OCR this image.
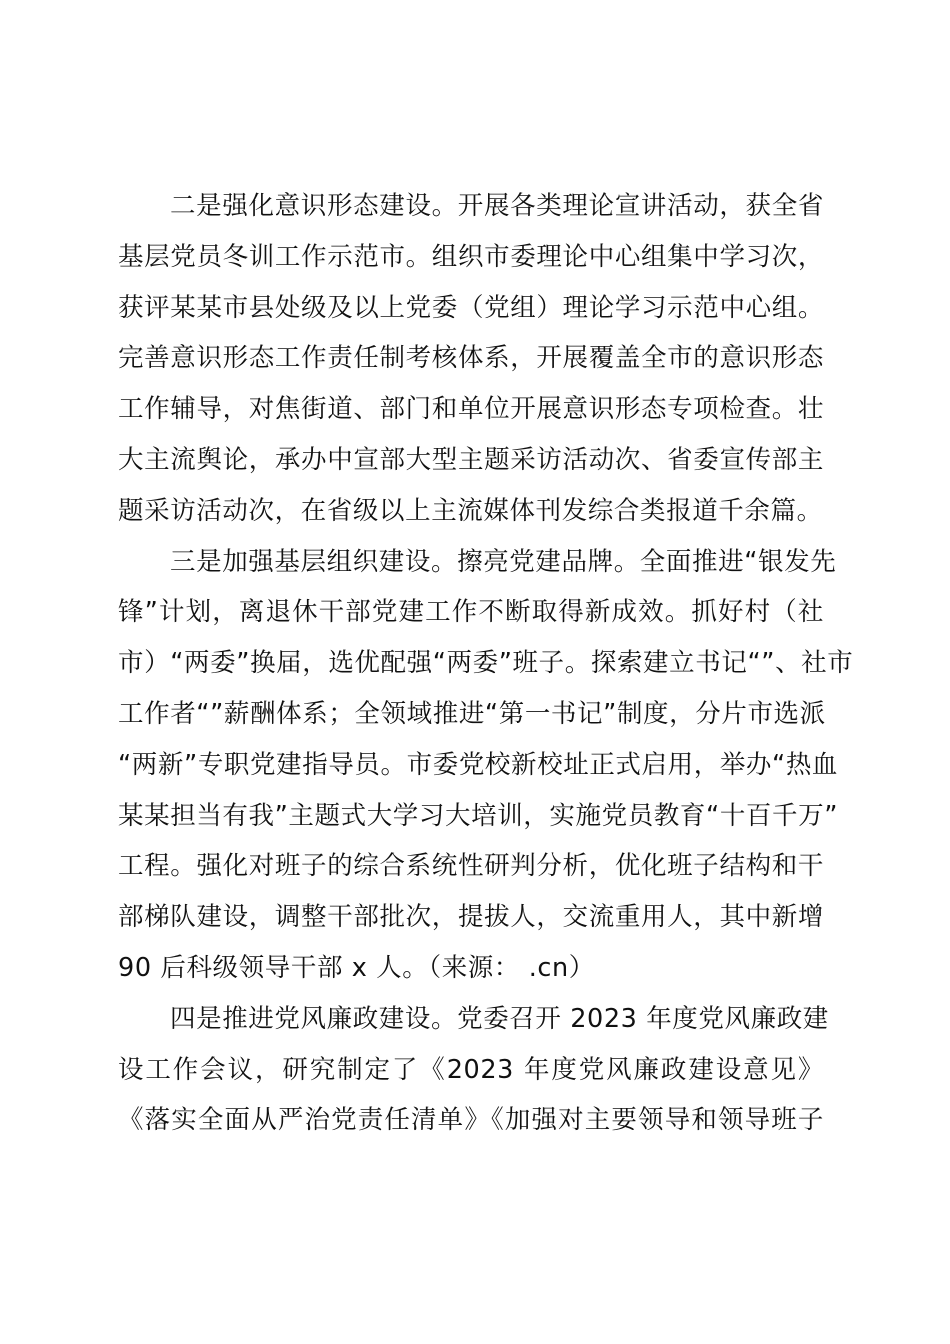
二是强化意识形态建设。开展各类理论宣讲活动，获全省
基层党员冬训工作示范市。组织市委理论中心组集中学习次，
获评某某市县处级及以上党委（党组）理论学习示范中心组。
完善意识形态工作责任制考核体系，开展覆盖全市的意识形态
工作辅导，对焦街道、部门和单位开展意识形态专项检查。壮
大主流舆论，承办中宣部大型主题采访活动次、省委宣传部主
题采访活动次，在省级以上主流媒体刊发综合类报道千余篇。

三是加强基层组织建设。擦亮党建品牌。全面推进“银发先
锋”计划，离退休干部党建工作不断取得新成效。抓好村（社
市）“两委”换届，选优配强“两委”班子。探索建立书记“”、社市
工作者“”薪酬体系；全领域推进“第一书记”制度，分片市选派
“两新”专职党建指导员。市委党校新校址正式启用，举办“热血
某某担当有我”主题式大学习大培训，实施党员教育“十百千万”
工程。强化对班子的综合系统性研判分析，优化班子结构和干
部梯队建设，调整干部批次，提拔人，交流重用人，其中新增
90 后科级领导干部 x 人。（来源： .cn）

四是推进党风廉政建设。党委召开 2023 年度党风廉政建
设工作会议，研究制定了《2023 年度党风廉政建设意见》
《落实全面从严治党责任清单》《加强对主要领导和领导班子
